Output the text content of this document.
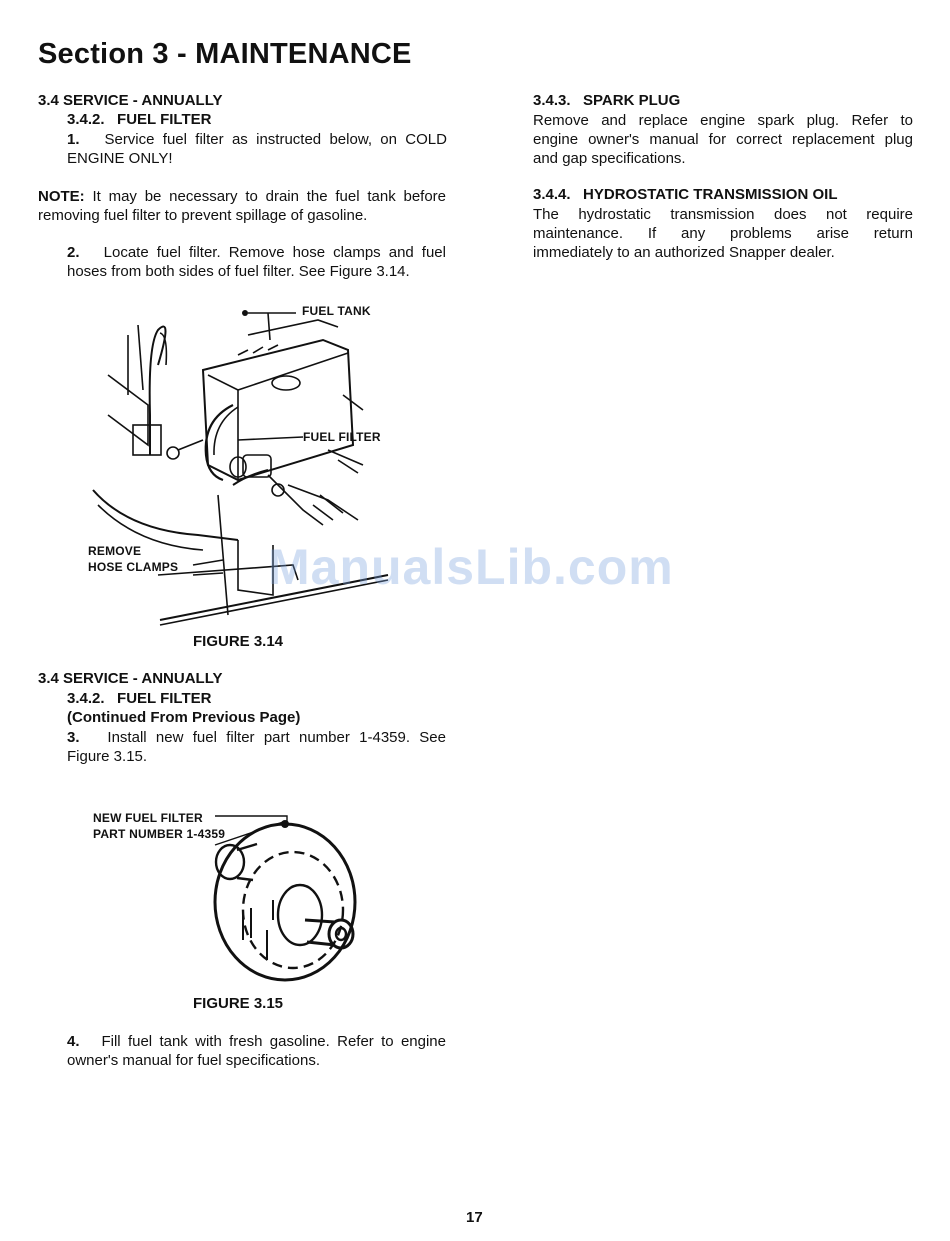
Section 3 - MAINTENANCE
3.4 SERVICE - ANNUALLY
3.4.2.   FUEL FILTER
1. Service fuel filter as instructed below, on COLD
ENGINE ONLY!
NOTE: It may be necessary to drain the fuel tank before
removing fuel filter to prevent spillage of gasoline.
2. Locate fuel filter. Remove hose clamps and fuel
hoses from both sides of fuel filter. See Figure 3.14.
FUEL TANK
FUEL FILTER
REMOVE
HOSE CLAMPS
FIGURE 3.14
3.4 SERVICE - ANNUALLY
3.4.2.   FUEL FILTER
(Continued From Previous Page)
3. Install new fuel filter part number 1-4359. See
Figure 3.15.
NEW FUEL FILTER
PART NUMBER 1-4359
FIGURE 3.15
4. Fill fuel tank with fresh gasoline. Refer to engine
owner's manual for fuel specifications.
3.4.3.   SPARK PLUG
Remove and replace engine spark plug. Refer to
engine owner's manual for correct replacement plug
and gap specifications.
3.4.4.   HYDROSTATIC TRANSMISSION OIL
The hydrostatic transmission does not require
maintenance. If any problems arise return
immediately to an authorized Snapper dealer.
ManualsLib.com
17
